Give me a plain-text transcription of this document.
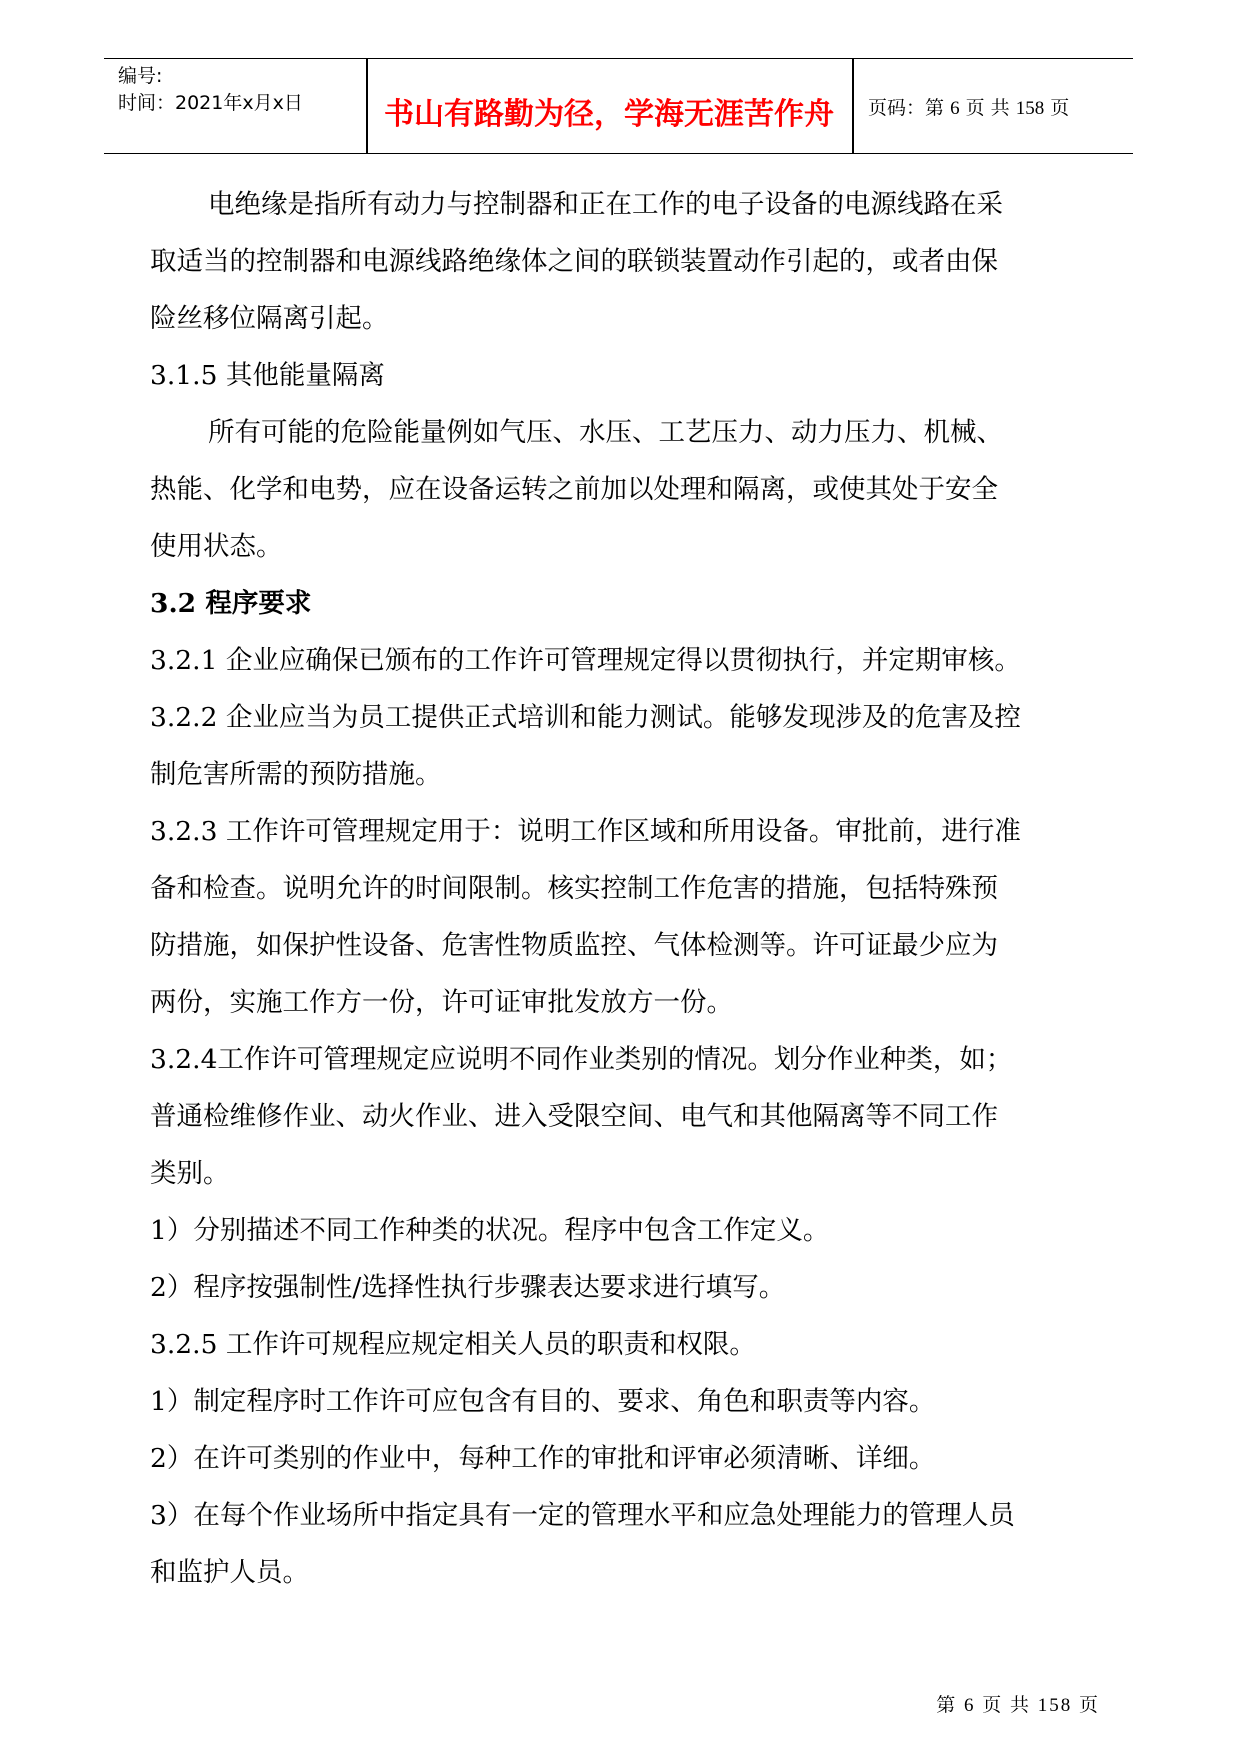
编号:
时间：2021年x月x日	书山有路勤为径，学海无涯苦作舟	页码：第 6 页 共 158 页
电绝缘是指所有动力与控制器和正在工作的电子设备的电源线路在采
取适当的控制器和电源线路绝缘体之间的联锁装置动作引起的，或者由保
险丝移位隔离引起。
3.1.5 其他能量隔离
所有可能的危险能量例如气压、水压、工艺压力、动力压力、机械、
热能、化学和电势，应在设备运转之前加以处理和隔离，或使其处于安全
使用状态。
3.2 程序要求
3.2.1 企业应确保已颁布的工作许可管理规定得以贯彻执行，并定期审核。
3.2.2 企业应当为员工提供正式培训和能力测试。能够发现涉及的危害及控
制危害所需的预防措施。
3.2.3 工作许可管理规定用于：说明工作区域和所用设备。审批前，进行准
备和检查。说明允许的时间限制。核实控制工作危害的措施，包括特殊预
防措施，如保护性设备、危害性物质监控、气体检测等。许可证最少应为
两份，实施工作方一份，许可证审批发放方一份。
3.2.4工作许可管理规定应说明不同作业类别的情况。划分作业种类，如；
普通检维修作业、动火作业、进入受限空间、电气和其他隔离等不同工作
类别。
1）分别描述不同工作种类的状况。程序中包含工作定义。
2）程序按强制性/选择性执行步骤表达要求进行填写。
3.2.5 工作许可规程应规定相关人员的职责和权限。
1）制定程序时工作许可应包含有目的、要求、角色和职责等内容。
2）在许可类别的作业中，每种工作的审批和评审必须清晰、详细。
3）在每个作业场所中指定具有一定的管理水平和应急处理能力的管理人员
和监护人员。
第 6 页 共 158 页
